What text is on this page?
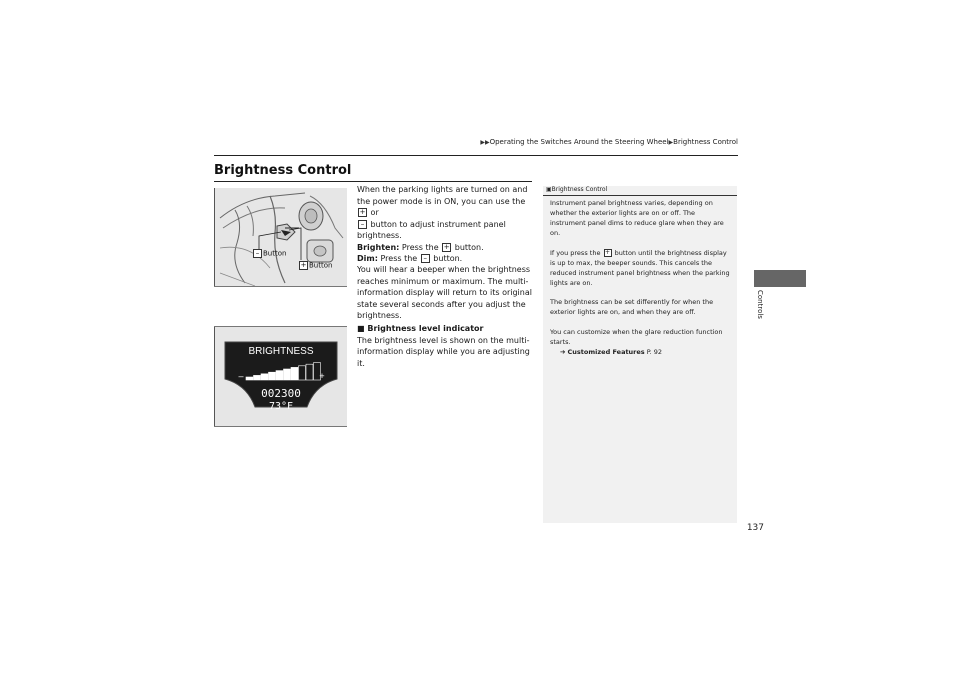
▶▶Operating the Switches Around the Steering Wheel▶Brightness Control
Brightness Control
– Button
+ Button
BRIGHTNESS
–	+
002300
73°F
When the parking lights are turned on and the power mode is in ON, you can use the + or
– button to adjust instrument panel brightness.
Brighten: Press the + button.
Dim: Press the – button.
You will hear a beeper when the brightness reaches minimum or maximum. The multi-information display will return to its original state several seconds after you adjust the brightness.
■ Brightness level indicator
The brightness level is shown on the multi-information display while you are adjusting it.
▣Brightness Control
Instrument panel brightness varies, depending on whether the exterior lights are on or off. The instrument panel dims to reduce glare when they are on.
If you press the + button until the brightness display is up to max, the beeper sounds. This cancels the reduced instrument panel brightness when the parking lights are on.
The brightness can be set differently for when the exterior lights are on, and when they are off.
You can customize when the glare reduction function starts.
➔ Customized Features P. 92
Controls
137
